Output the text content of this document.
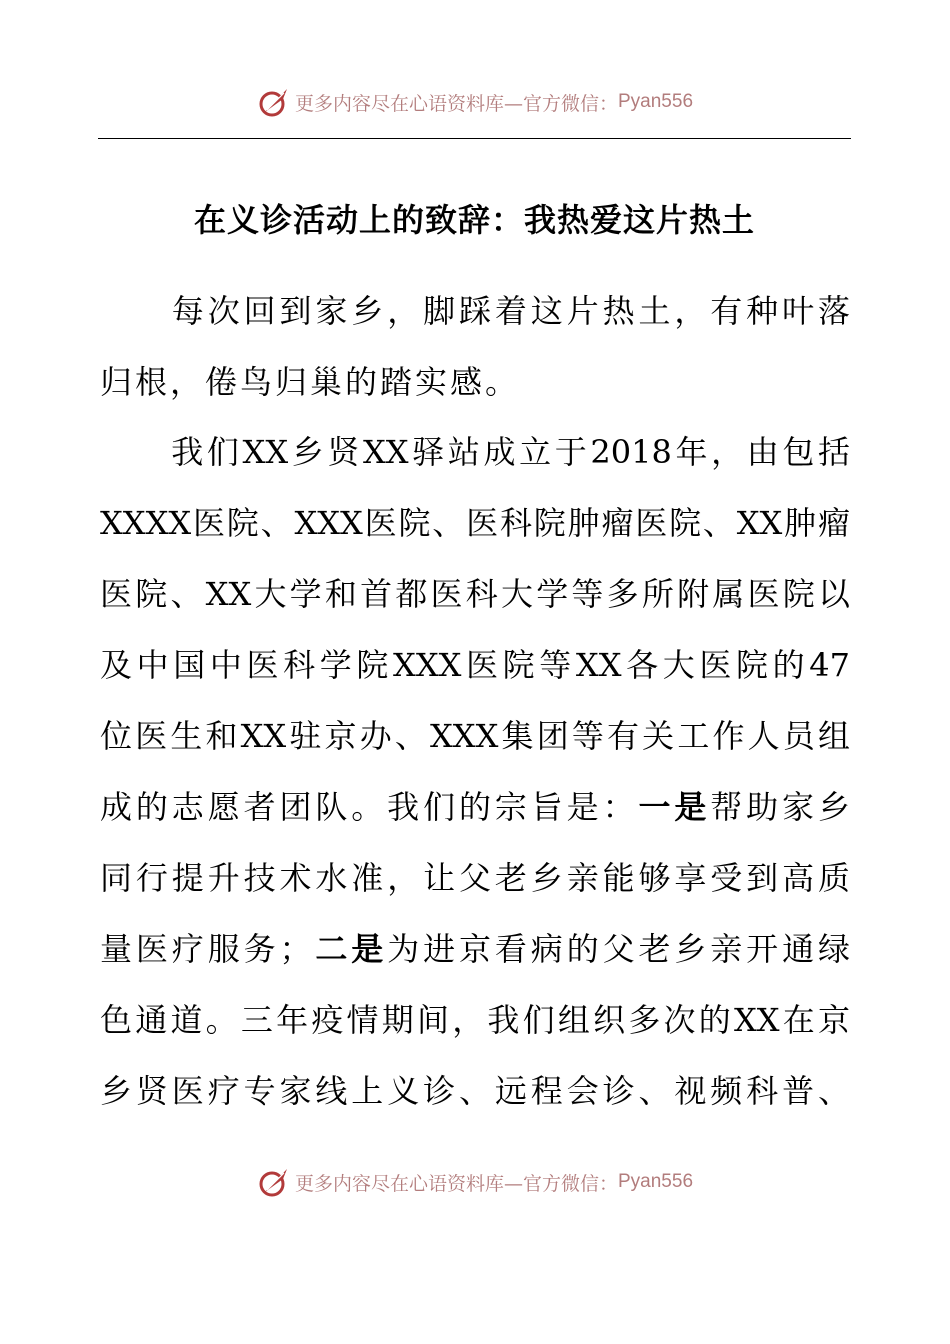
更多内容尽在心语资料库—官方微信： Pyan556
在义诊活动上的致辞：我热爱这片热土
　　每次回到家乡，脚踩着这片热土，有种叶落
归根，倦鸟归巢的踏实感。
　　我们XX乡贤XX驿站成立于2018年，由包括
XXXX医院、XXX医院、医科院肿瘤医院、XX肿瘤
医院、XX大学和首都医科大学等多所附属医院以
及中国中医科学院XXX医院等XX各大医院的47
位医生和XX驻京办、XXX集团等有关工作人员组
成的志愿者团队。我们的宗旨是：一是帮助家乡
同行提升技术水准，让父老乡亲能够享受到高质
量医疗服务；二是为进京看病的父老乡亲开通绿
色通道。三年疫情期间，我们组织多次的XX在京
乡贤医疗专家线上义诊、远程会诊、视频科普、
更多内容尽在心语资料库—官方微信： Pyan556
